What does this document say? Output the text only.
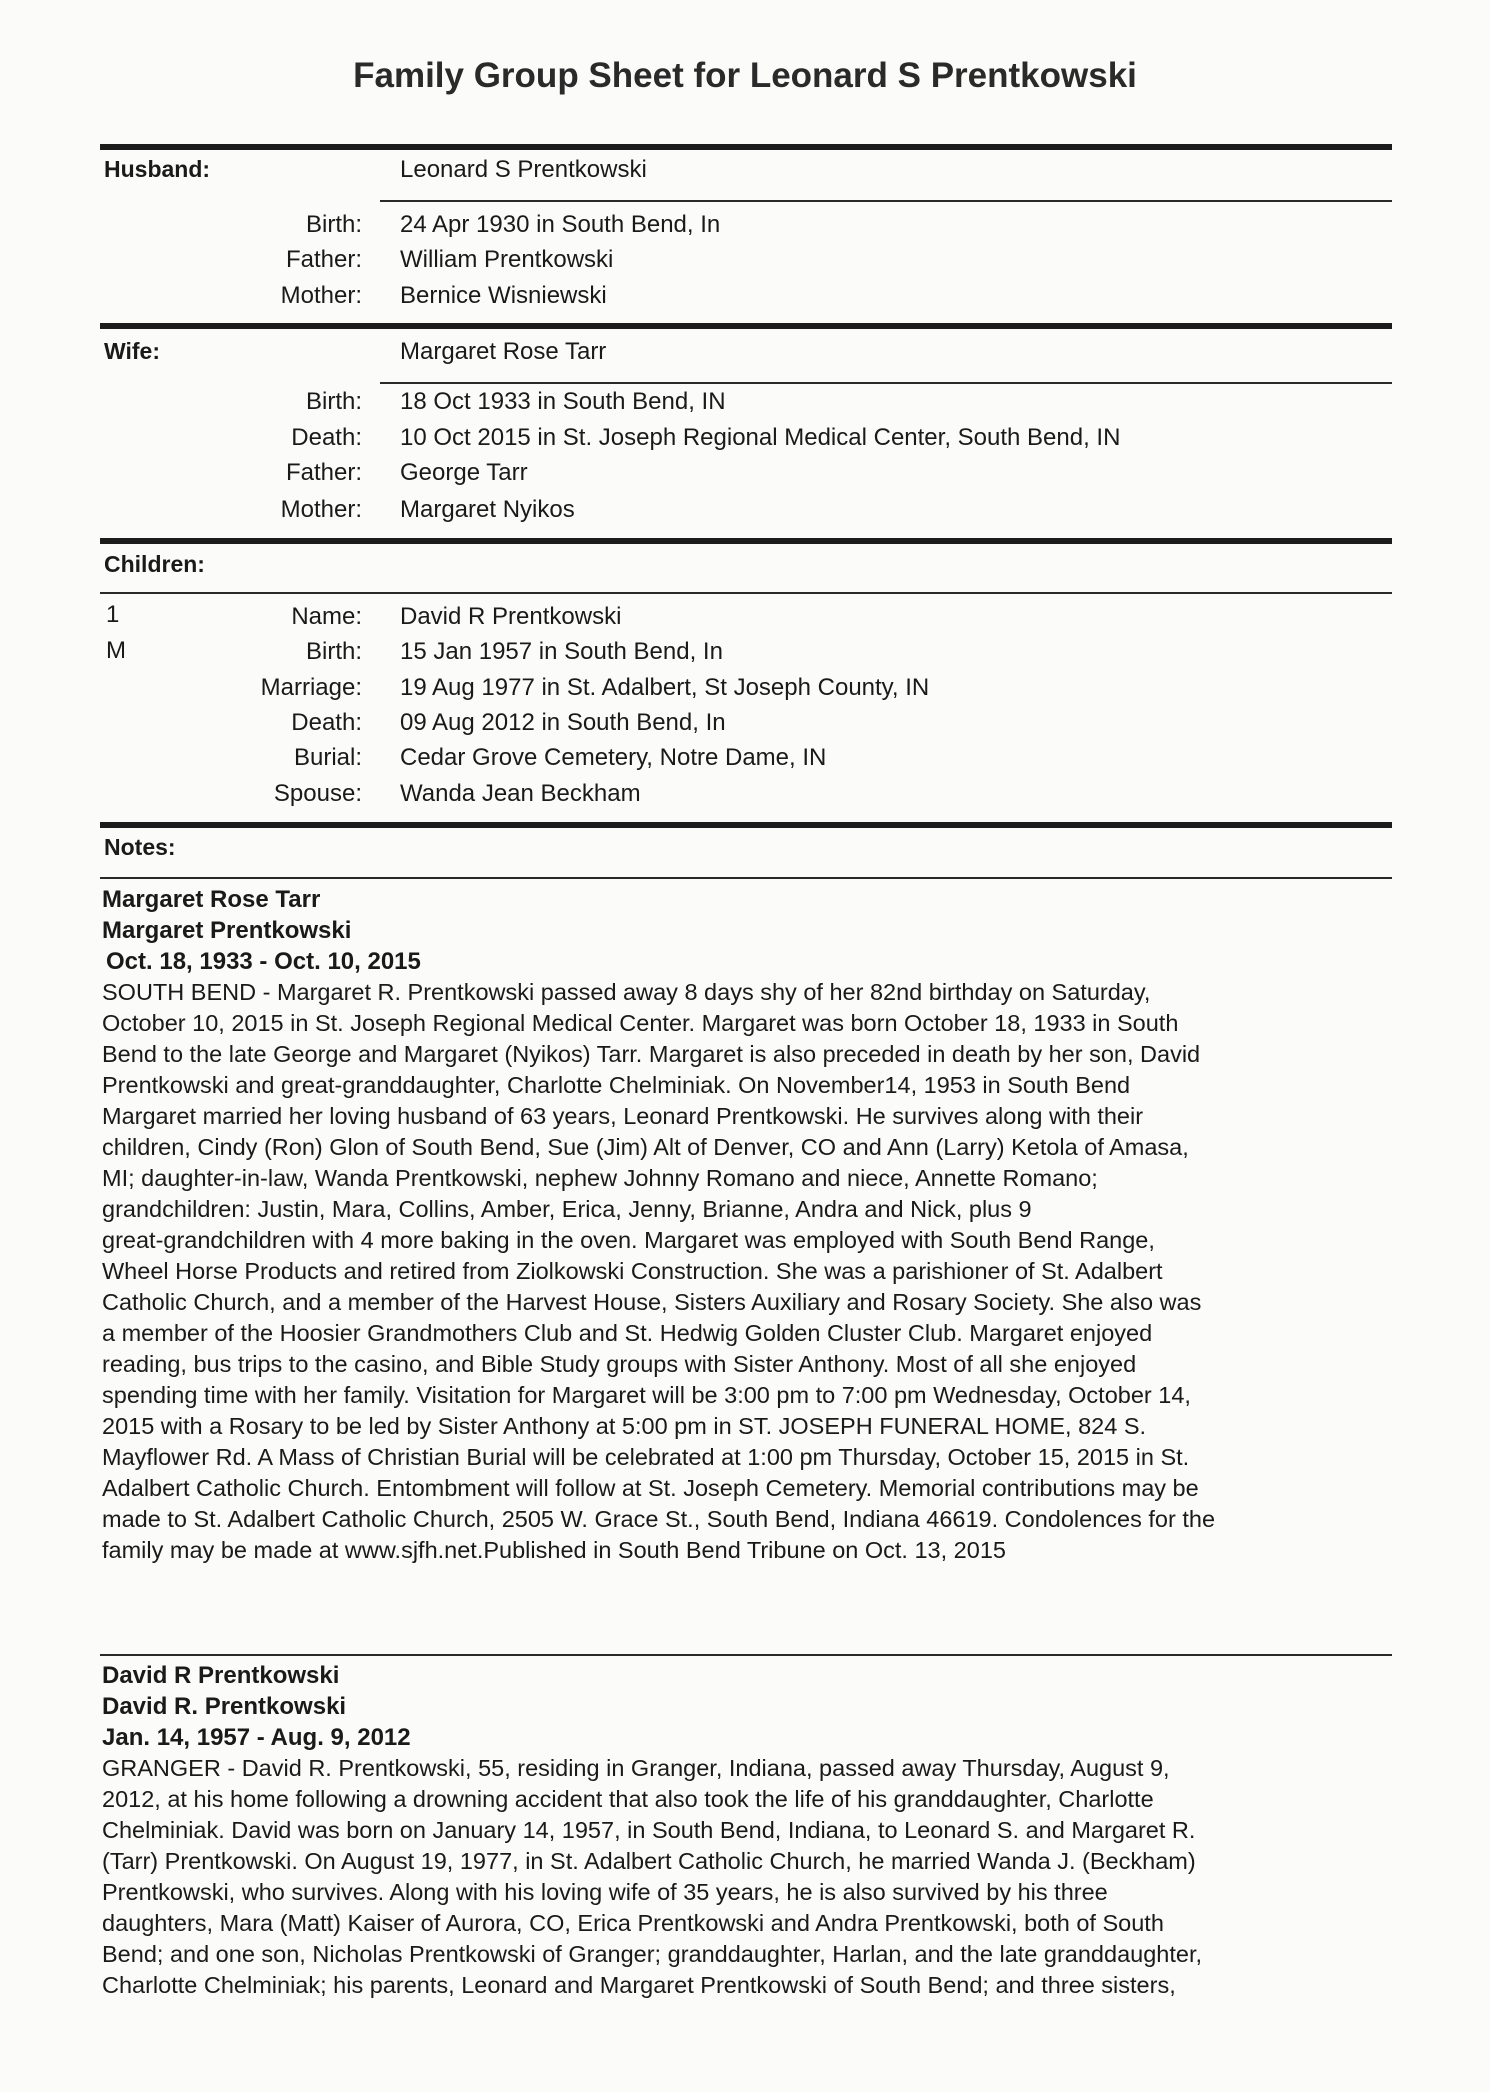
Family Group Sheet for Leonard S Prentkowski
Husband:	Leonard S Prentkowski
Birth: 24 Apr 1930 in South Bend, In
Father: William Prentkowski
Mother: Bernice Wisniewski
Wife:	Margaret Rose Tarr
Birth: 18 Oct 1933 in South Bend, IN
Death: 10 Oct 2015 in St. Joseph Regional Medical Center, South Bend, IN
Father: George Tarr
Mother: Margaret Nyikos
Children:
1
M
Name: David R Prentkowski
Birth: 15 Jan 1957 in South Bend, In
Marriage: 19 Aug 1977 in St. Adalbert, St Joseph County, IN
Death: 09 Aug 2012 in South Bend, In
Burial: Cedar Grove Cemetery, Notre Dame, IN
Spouse: Wanda Jean Beckham
Notes:
Margaret Rose Tarr
Margaret Prentkowski
Oct. 18, 1933 - Oct. 10, 2015
SOUTH BEND - Margaret R. Prentkowski passed away 8 days shy of her 82nd birthday on Saturday,
October 10, 2015 in St. Joseph Regional Medical Center. Margaret was born October 18, 1933 in South
Bend to the late George and Margaret (Nyikos) Tarr. Margaret is also preceded in death by her son, David
Prentkowski and great-granddaughter, Charlotte Chelminiak. On November14, 1953 in South Bend
Margaret married her loving husband of 63 years, Leonard Prentkowski. He survives along with their
children, Cindy (Ron) Glon of South Bend, Sue (Jim) Alt of Denver, CO and Ann (Larry) Ketola of Amasa,
MI; daughter-in-law, Wanda Prentkowski, nephew Johnny Romano and niece, Annette Romano;
grandchildren: Justin, Mara, Collins, Amber, Erica, Jenny, Brianne, Andra and Nick, plus 9
great-grandchildren with 4 more baking in the oven. Margaret was employed with South Bend Range,
Wheel Horse Products and retired from Ziolkowski Construction. She was a parishioner of St. Adalbert
Catholic Church, and a member of the Harvest House, Sisters Auxiliary and Rosary Society. She also was
a member of the Hoosier Grandmothers Club and St. Hedwig Golden Cluster Club. Margaret enjoyed
reading, bus trips to the casino, and Bible Study groups with Sister Anthony. Most of all she enjoyed
spending time with her family. Visitation for Margaret will be 3:00 pm to 7:00 pm Wednesday, October 14,
2015 with a Rosary to be led by Sister Anthony at 5:00 pm in ST. JOSEPH FUNERAL HOME, 824 S.
Mayflower Rd. A Mass of Christian Burial will be celebrated at 1:00 pm Thursday, October 15, 2015 in St.
Adalbert Catholic Church. Entombment will follow at St. Joseph Cemetery. Memorial contributions may be
made to St. Adalbert Catholic Church, 2505 W. Grace St., South Bend, Indiana 46619. Condolences for the
family may be made at www.sjfh.net.Published in South Bend Tribune on Oct. 13, 2015
David R Prentkowski
David R. Prentkowski
Jan. 14, 1957 - Aug. 9, 2012
GRANGER - David R. Prentkowski, 55, residing in Granger, Indiana, passed away Thursday, August 9,
2012, at his home following a drowning accident that also took the life of his granddaughter, Charlotte
Chelminiak. David was born on January 14, 1957, in South Bend, Indiana, to Leonard S. and Margaret R.
(Tarr) Prentkowski. On August 19, 1977, in St. Adalbert Catholic Church, he married Wanda J. (Beckham)
Prentkowski, who survives. Along with his loving wife of 35 years, he is also survived by his three
daughters, Mara (Matt) Kaiser of Aurora, CO, Erica Prentkowski and Andra Prentkowski, both of South
Bend; and one son, Nicholas Prentkowski of Granger; granddaughter, Harlan, and the late granddaughter,
Charlotte Chelminiak; his parents, Leonard and Margaret Prentkowski of South Bend; and three sisters,
